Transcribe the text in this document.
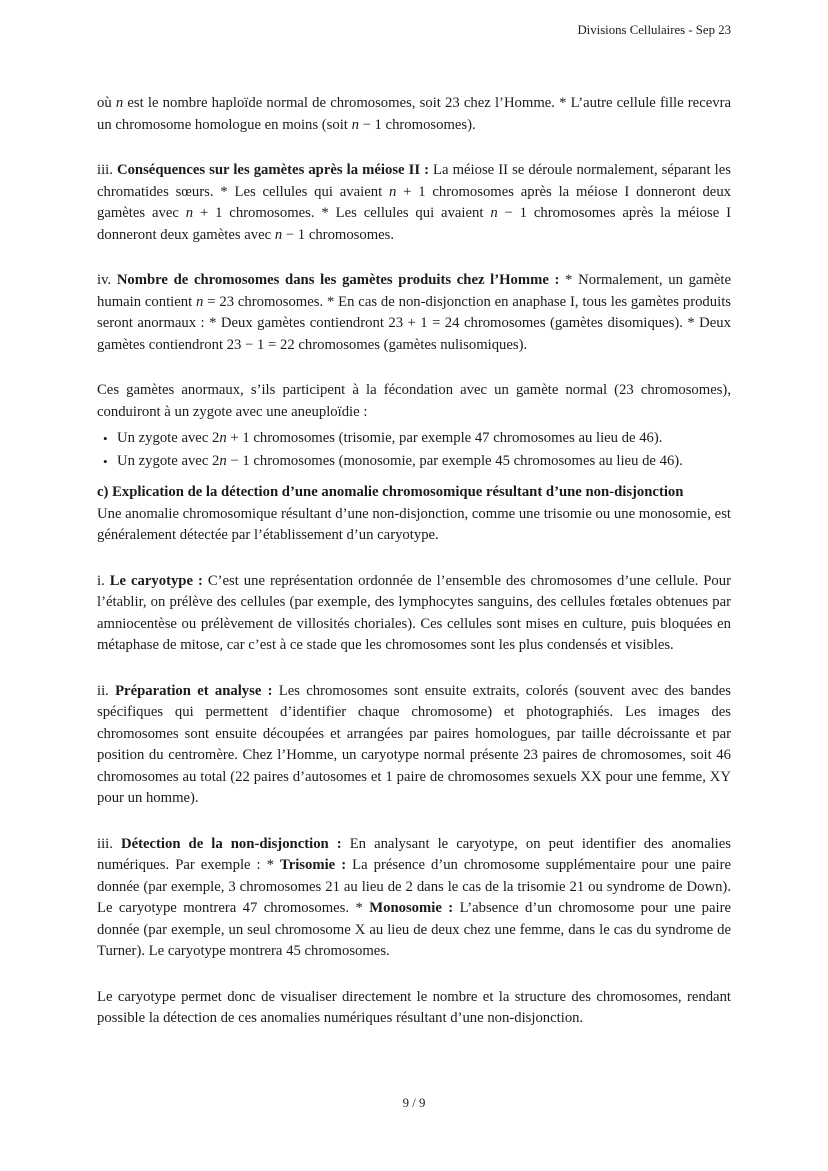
Divisions Cellulaires - Sep 23

où n est le nombre haploïde normal de chromosomes, soit 23 chez l’Homme. * L’autre cellule fille recevra un chromosome homologue en moins (soit n − 1 chromosomes).

iii. Conséquences sur les gamètes après la méiose II : La méiose II se déroule normalement, séparant les chromatides sœurs. * Les cellules qui avaient n + 1 chromosomes après la méiose I donneront deux gamètes avec n + 1 chromosomes. * Les cellules qui avaient n − 1 chromosomes après la méiose I donneront deux gamètes avec n − 1 chromosomes.

iv. Nombre de chromosomes dans les gamètes produits chez l’Homme : * Normalement, un gamète humain contient n = 23 chromosomes. * En cas de non-disjonction en anaphase I, tous les gamètes produits seront anormaux : * Deux gamètes contiendront 23 + 1 = 24 chromosomes (gamètes disomiques). * Deux gamètes contiendront 23 − 1 = 22 chromosomes (gamètes nulisomiques).

Ces gamètes anormaux, s’ils participent à la fécondation avec un gamète normal (23 chromosomes), conduiront à un zygote avec une aneuploïdie :

• Un zygote avec 2n + 1 chromosomes (trisomie, par exemple 47 chromosomes au lieu de 46).
• Un zygote avec 2n − 1 chromosomes (monosomie, par exemple 45 chromosomes au lieu de 46).

c) Explication de la détection d’une anomalie chromosomique résultant d’une non-disjonction

Une anomalie chromosomique résultant d’une non-disjonction, comme une trisomie ou une monosomie, est généralement détectée par l’établissement d’un caryotype.

i. Le caryotype : C’est une représentation ordonnée de l’ensemble des chromosomes d’une cellule. Pour l’établir, on prélève des cellules (par exemple, des lymphocytes sanguins, des cellules fœtales obtenues par amniocentèse ou prélèvement de villosités choriales). Ces cellules sont mises en culture, puis bloquées en métaphase de mitose, car c’est à ce stade que les chromosomes sont les plus condensés et visibles.

ii. Préparation et analyse : Les chromosomes sont ensuite extraits, colorés (souvent avec des bandes spécifiques qui permettent d’identifier chaque chromosome) et photographiés. Les images des chromosomes sont ensuite découpées et arrangées par paires homologues, par taille décroissante et par position du centromère. Chez l’Homme, un caryotype normal présente 23 paires de chromosomes, soit 46 chromosomes au total (22 paires d’autosomes et 1 paire de chromosomes sexuels XX pour une femme, XY pour un homme).

iii. Détection de la non-disjonction : En analysant le caryotype, on peut identifier des anomalies numériques. Par exemple : * Trisomie : La présence d’un chromosome supplémentaire pour une paire donnée (par exemple, 3 chromosomes 21 au lieu de 2 dans le cas de la trisomie 21 ou syndrome de Down). Le caryotype montrera 47 chromosomes. * Monosomie : L’absence d’un chromosome pour une paire donnée (par exemple, un seul chromosome X au lieu de deux chez une femme, dans le cas du syndrome de Turner). Le caryotype montrera 45 chromosomes.

Le caryotype permet donc de visualiser directement le nombre et la structure des chromosomes, rendant possible la détection de ces anomalies numériques résultant d’une non-disjonction.

9 / 9
